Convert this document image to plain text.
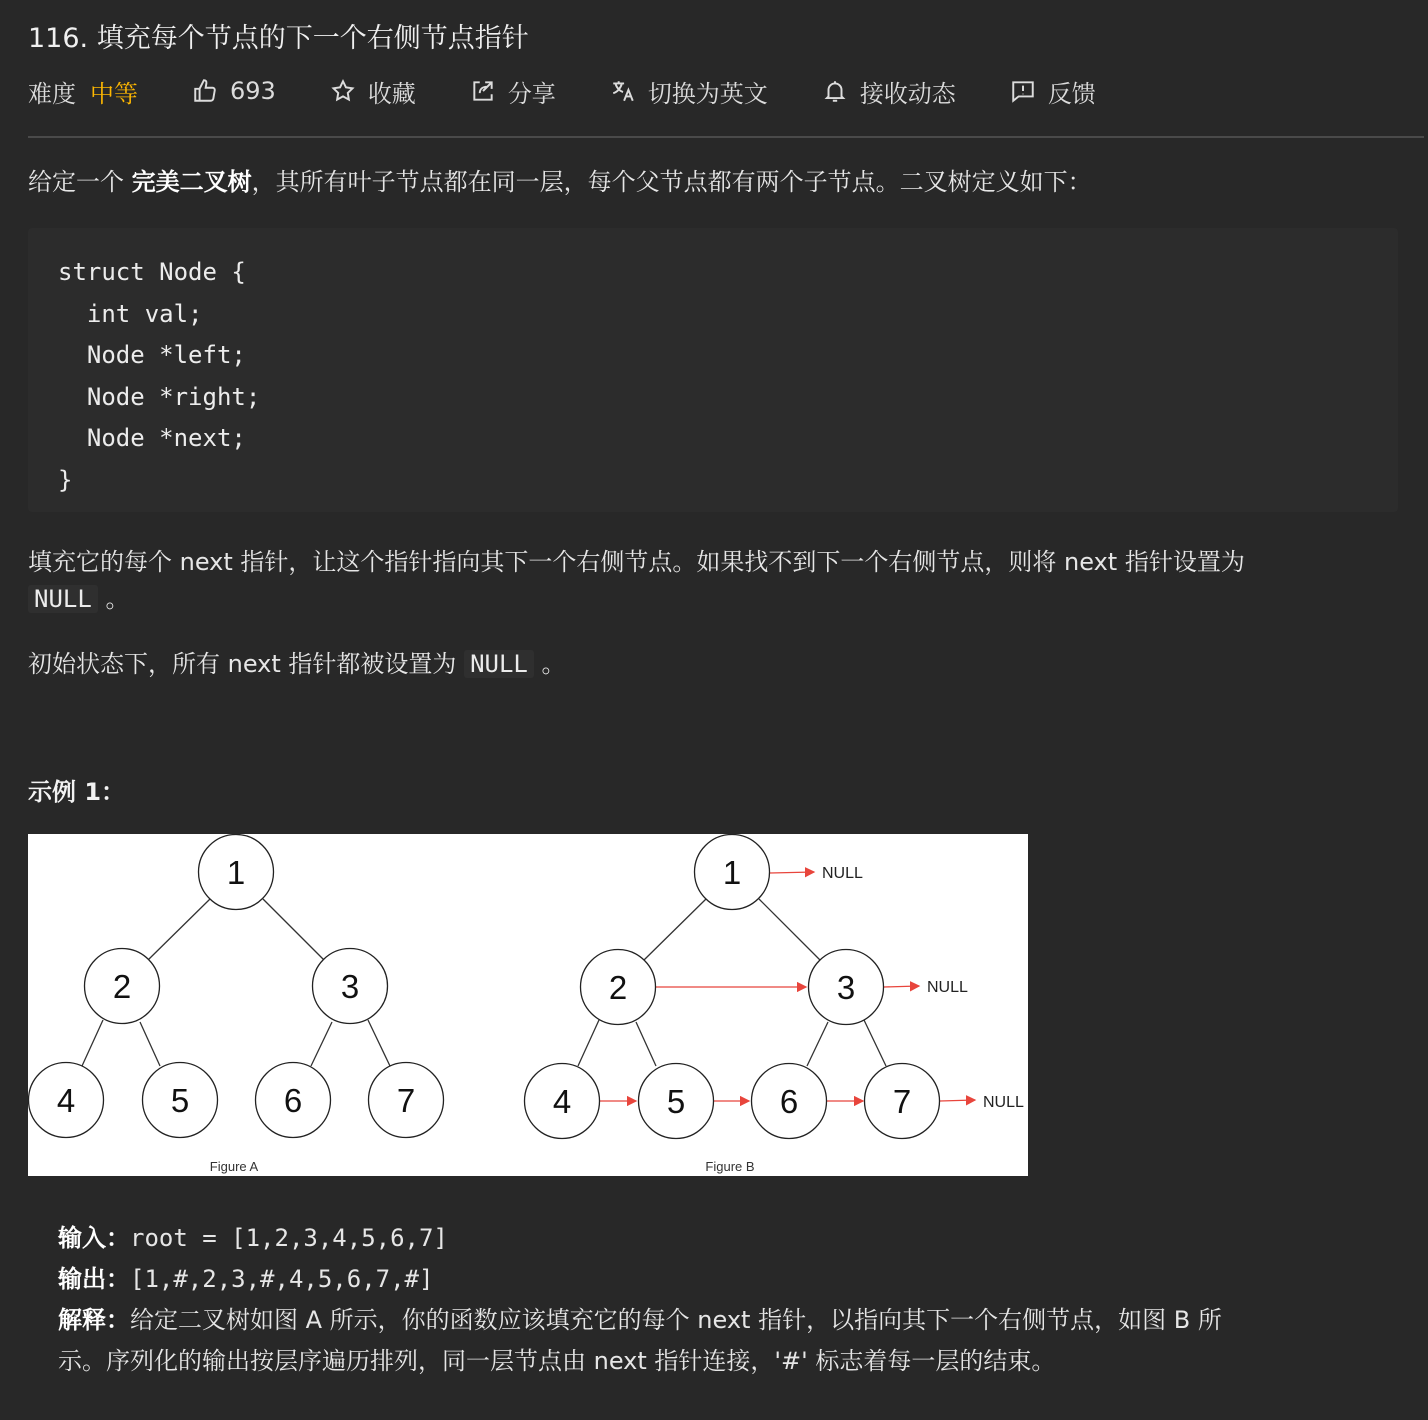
116. 填充每个节点的下一个右侧节点指针
难度 中等	693	收藏	分享	切换为英文	接收动态	反馈
给定一个 完美二叉树，其所有叶子节点都在同一层，每个父节点都有两个子节点。二叉树定义如下：
struct Node {
int val;
Node *left;
Node *right;
Node *next;
}
填充它的每个 next 指针，让这个指针指向其下一个右侧节点。如果找不到下一个右侧节点，则将 next 指针设置为
NULL 。
初始状态下，所有 next 指针都被设置为 NULL 。
示例 1：
1
2	3
4	5	6	7
1
2	3
4	5	6	7
NULL
NULL
NULL
Figure A	Figure B
输入：root = [1,2,3,4,5,6,7]
输出：[1,#,2,3,#,4,5,6,7,#]
解释：给定二叉树如图 A 所示，你的函数应该填充它的每个 next 指针，以指向其下一个右侧节点，如图 B 所
示。序列化的输出按层序遍历排列，同一层节点由 next 指针连接，'#' 标志着每一层的结束。
